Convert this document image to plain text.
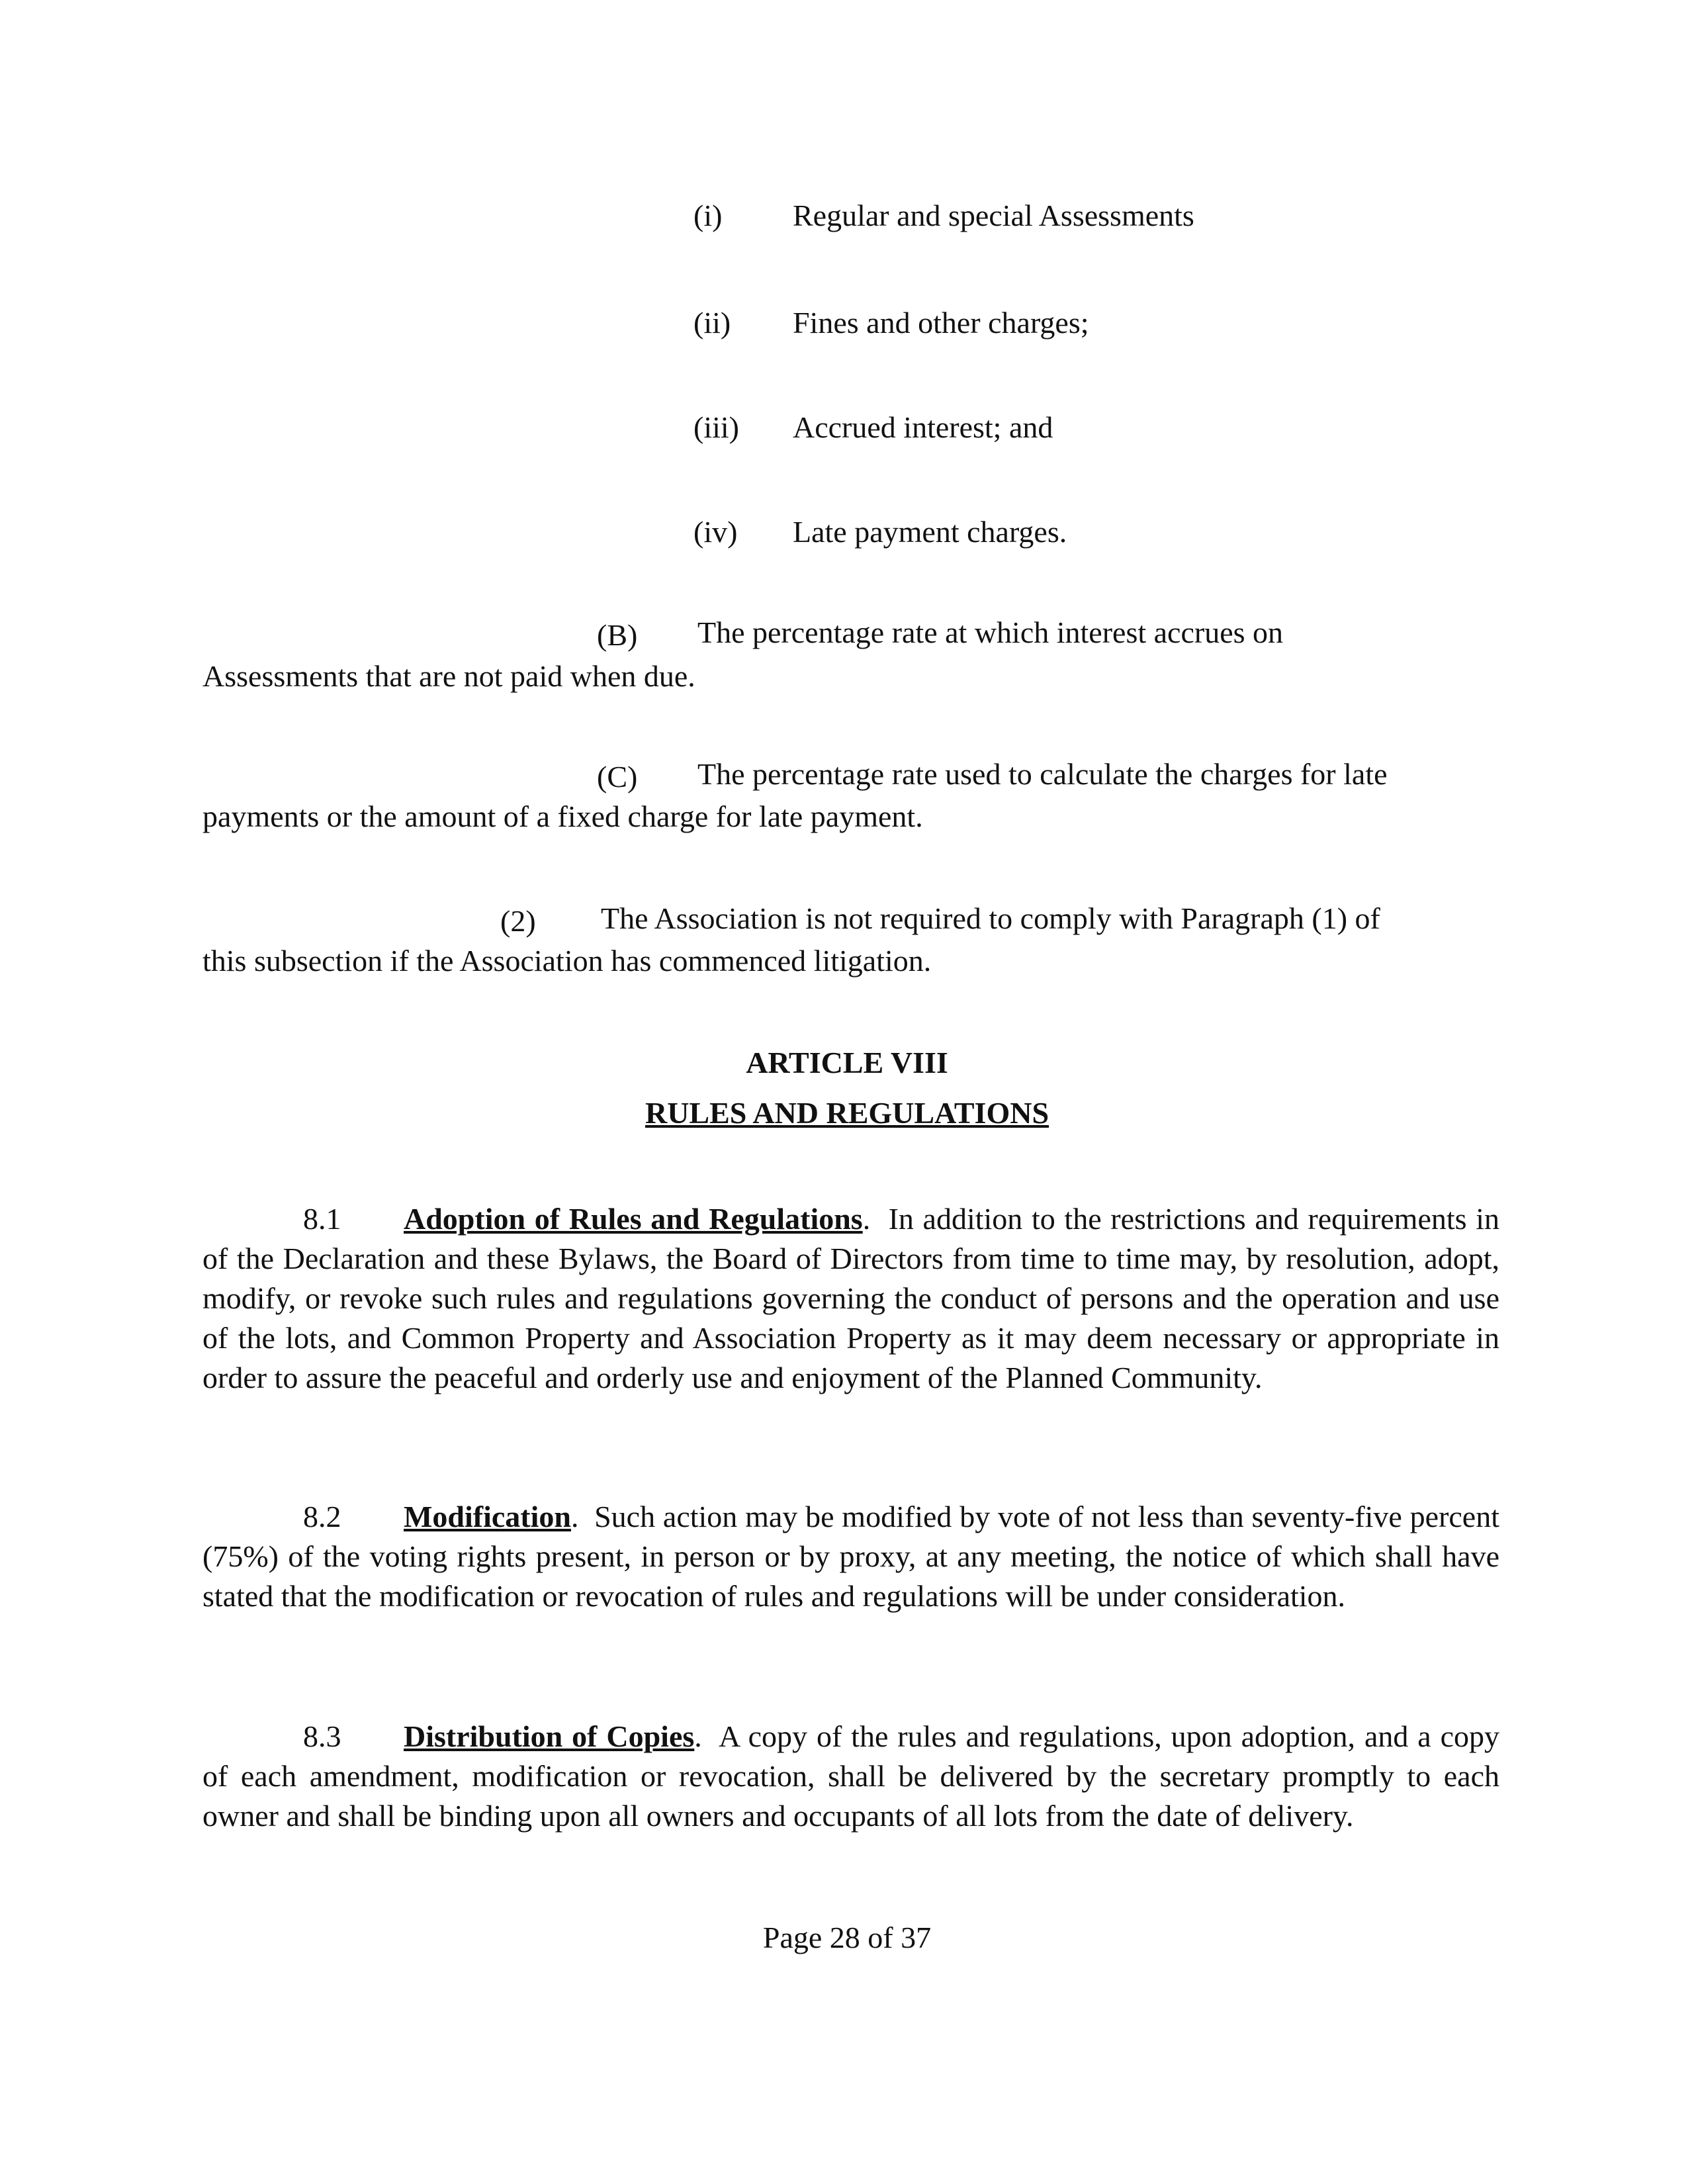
(i) Regular and special Assessments
(ii) Fines and other charges;
(iii) Accrued interest; and
(iv) Late payment charges.
(B) The percentage rate at which interest accrues on
Assessments that are not paid when due.
(C) The percentage rate used to calculate the charges for late
payments or the amount of a fixed charge for late payment.
(2) The Association is not required to comply with Paragraph (1) of
this subsection if the Association has commenced litigation.
ARTICLE VIII
RULES AND REGULATIONS
8.1 Adoption of Rules and Regulations.  In addition to the restrictions and requirements in of the Declaration and these Bylaws, the Board of Directors from time to time may, by resolution, adopt, modify, or revoke such rules and regulations governing the conduct of persons and the operation and use of the lots, and Common Property and Association Property as it may deem necessary or appropriate in order to assure the peaceful and orderly use and enjoyment of the Planned Community.
8.2 Modification.  Such action may be modified by vote of not less than seventy-five percent (75%) of the voting rights present, in person or by proxy, at any meeting, the notice of which shall have stated that the modification or revocation of rules and regulations will be under consideration.
8.3 Distribution of Copies.  A copy of the rules and regulations, upon adoption, and a copy of each amendment, modification or revocation, shall be delivered by the secretary promptly to each owner and shall be binding upon all owners and occupants of all lots from the date of delivery.
Page 28 of 37
